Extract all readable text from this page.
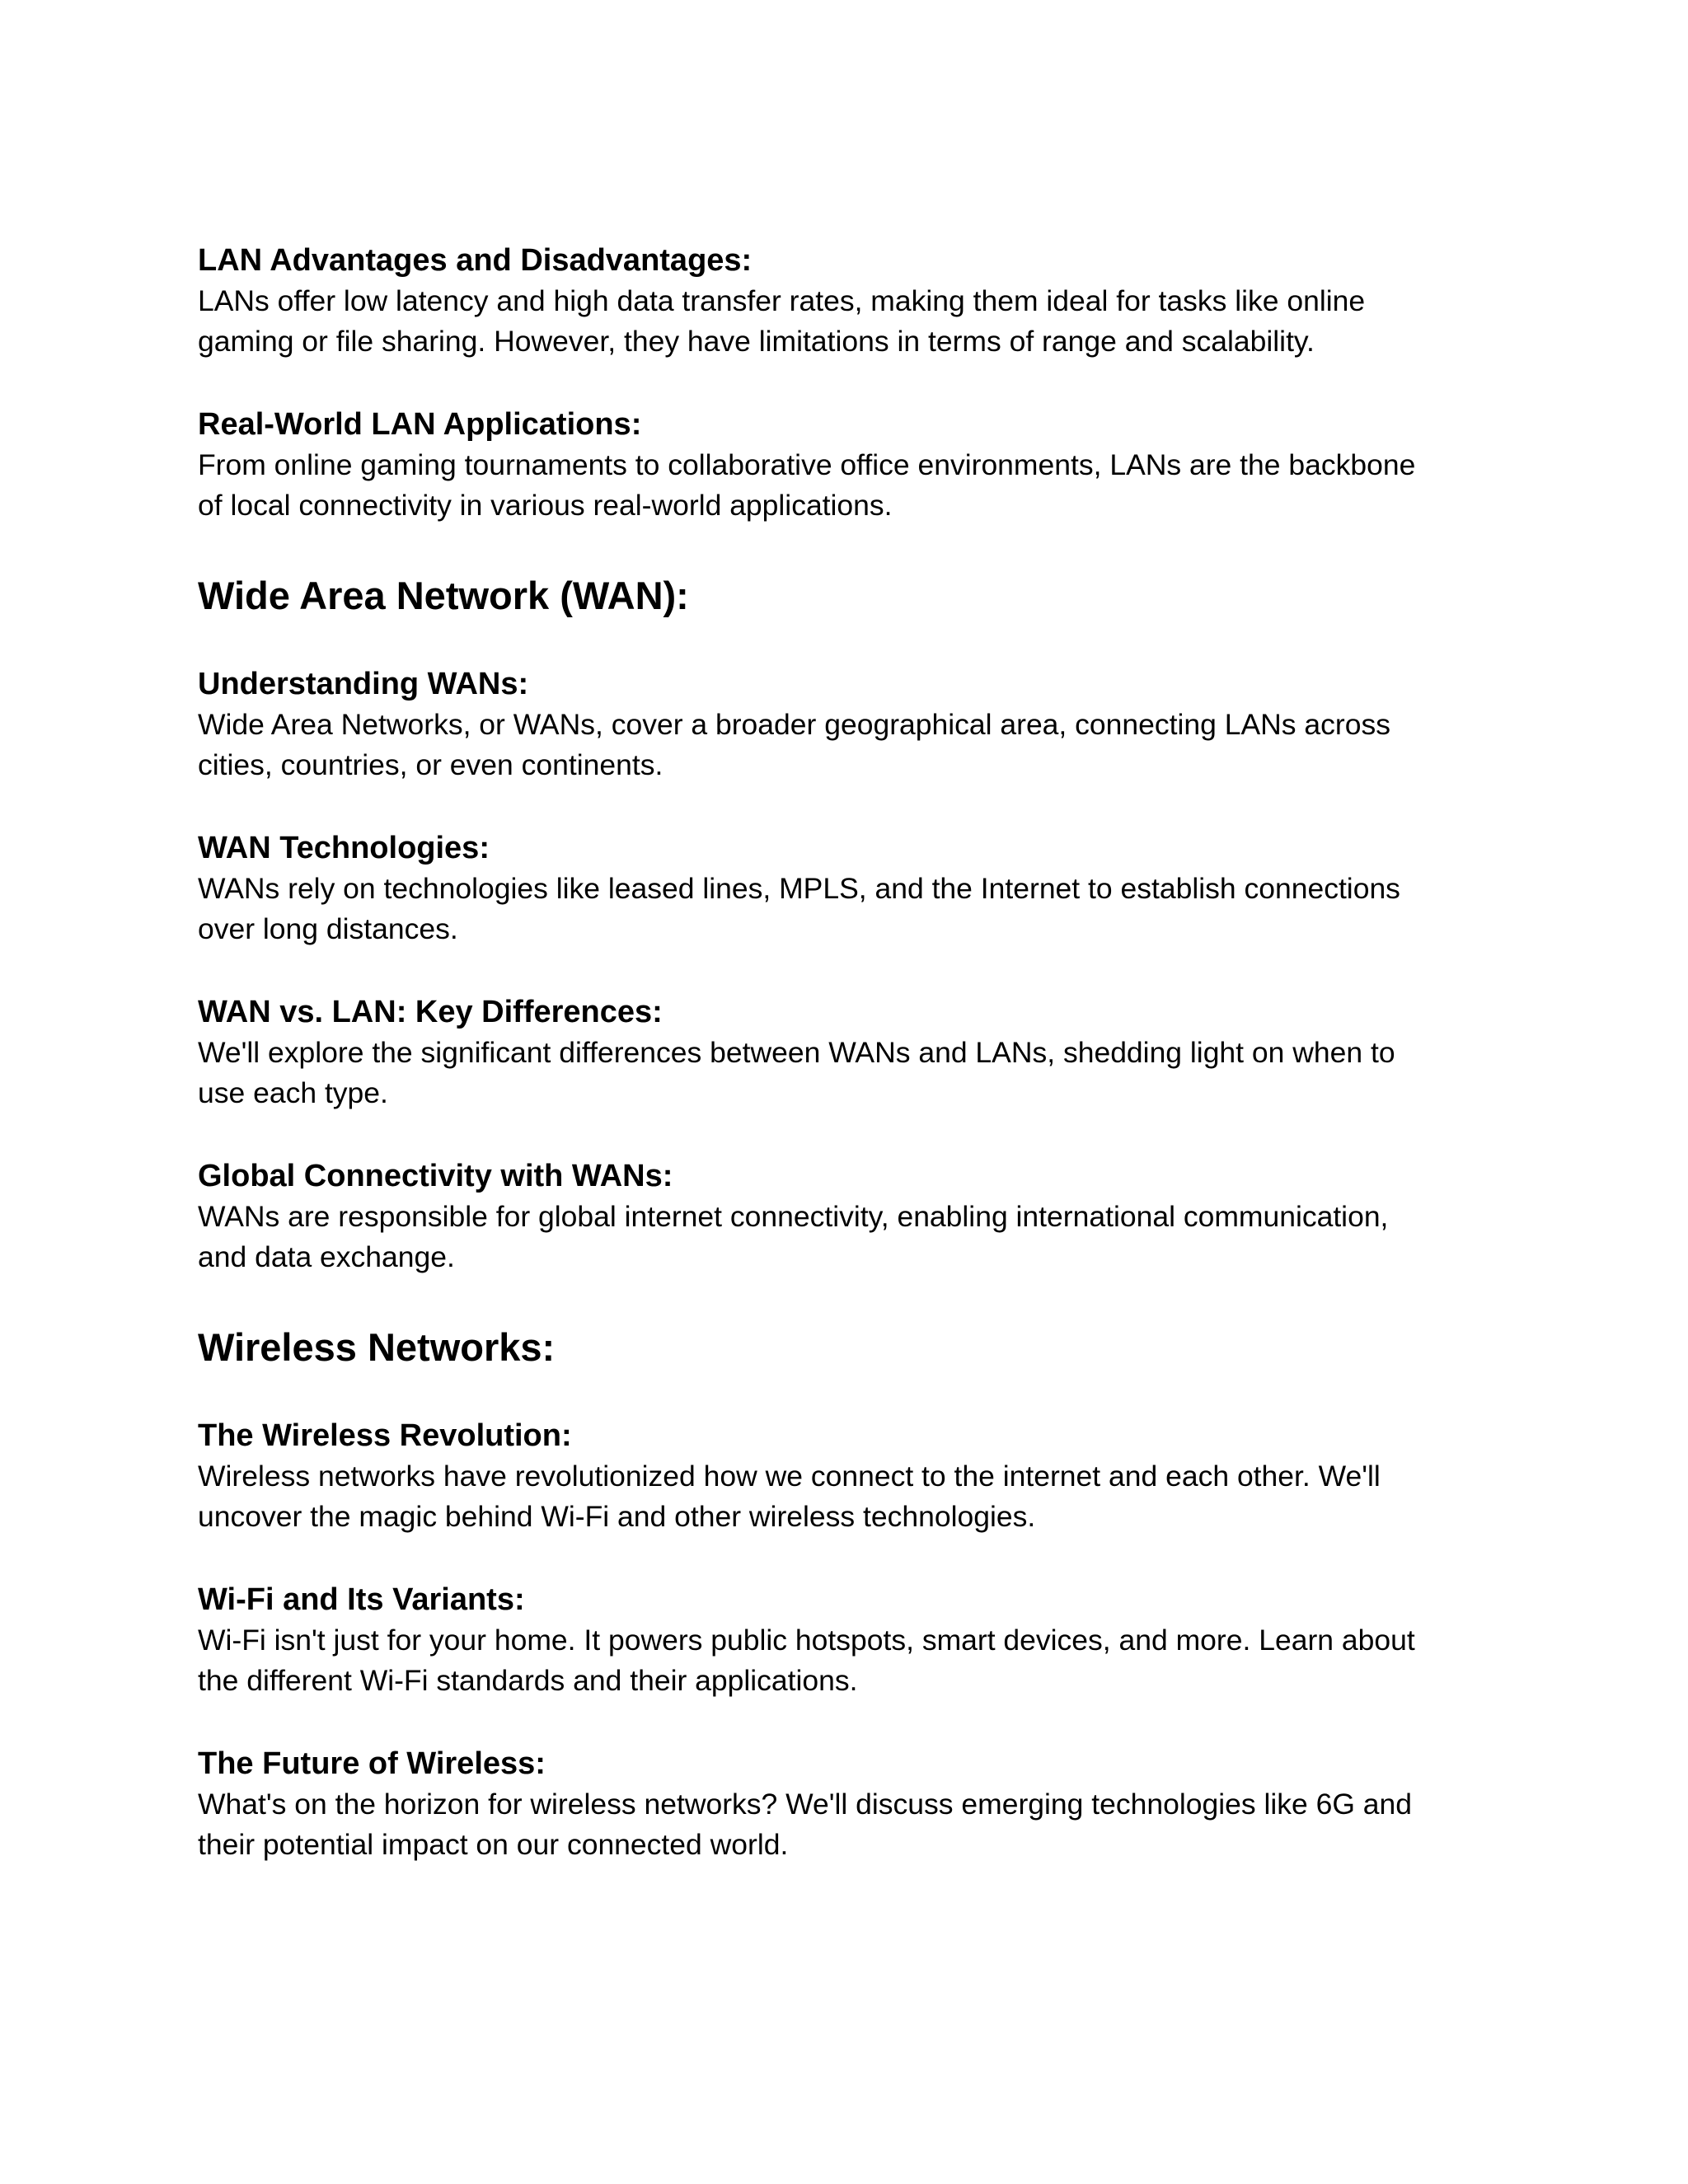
LAN Advantages and Disadvantages:

LANs offer low latency and high data transfer rates, making them ideal for tasks like online
gaming or file sharing. However, they have limitations in terms of range and scalability.

Real-World LAN Applications:

From online gaming tournaments to collaborative office environments, LANs are the backbone
of local connectivity in various real-world applications.

Wide Area Network (WAN):

Understanding WANs:

Wide Area Networks, or WANs, cover a broader geographical area, connecting LANs across
cities, countries, or even continents.

WAN Technologies:

WANs rely on technologies like leased lines, MPLS, and the Internet to establish connections
over long distances.

WAN vs. LAN: Key Differences:

We'll explore the significant differences between WANs and LANs, shedding light on when to
use each type.

Global Connectivity with WANs:

WANs are responsible for global internet connectivity, enabling international communication,
and data exchange.

Wireless Networks:

The Wireless Revolution:

Wireless networks have revolutionized how we connect to the internet and each other. We'll
uncover the magic behind Wi-Fi and other wireless technologies.

Wi-Fi and Its Variants:

Wi-Fi isn't just for your home. It powers public hotspots, smart devices, and more. Learn about
the different Wi-Fi standards and their applications.

The Future of Wireless:

What's on the horizon for wireless networks? We'll discuss emerging technologies like 6G and
their potential impact on our connected world.
